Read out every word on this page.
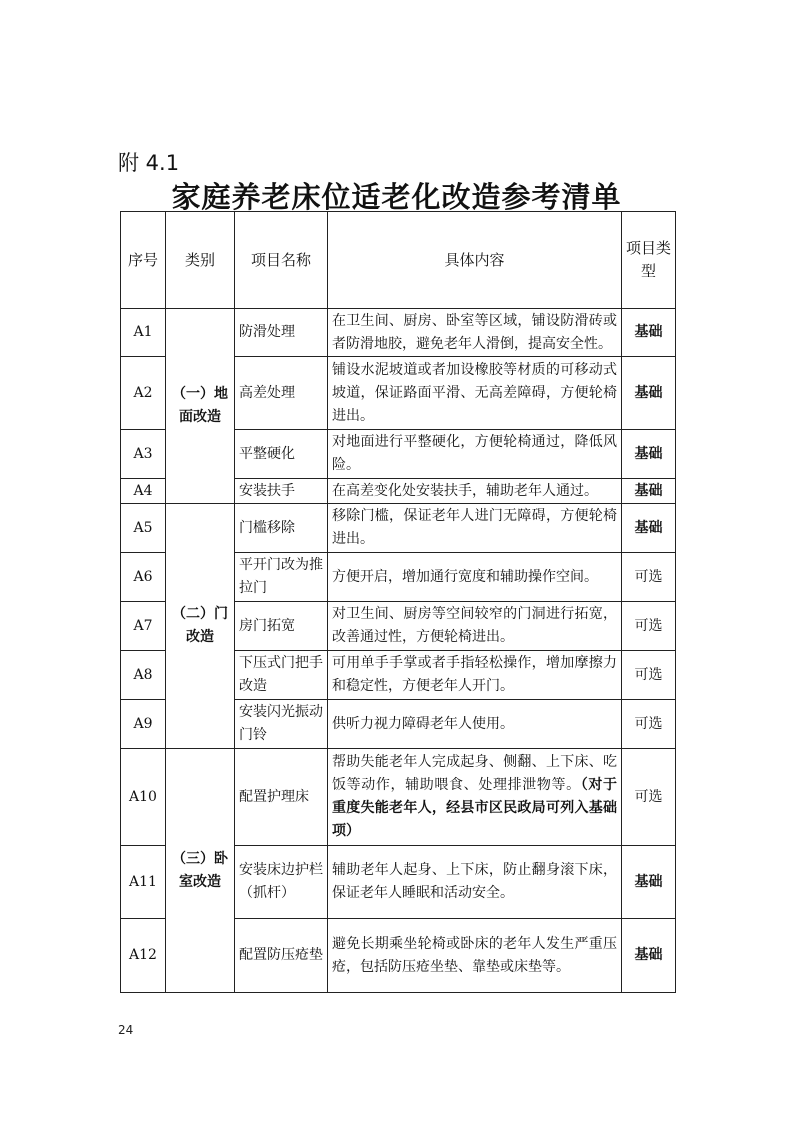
附 4.1
家庭养老床位适老化改造参考清单
序号	类别	项目名称	具体内容	项目类型
A1	（一）地面改造	防滑处理	在卫生间、厨房、卧室等区域，铺设防滑砖或者防滑地胶，避免老年人滑倒，提高安全性。	基础
A2		高差处理	铺设水泥坡道或者加设橡胶等材质的可移动式坡道，保证路面平滑、无高差障碍，方便轮椅进出。	基础
A3		平整硬化	对地面进行平整硬化，方便轮椅通过，降低风险。	基础
A4		安装扶手	在高差变化处安装扶手，辅助老年人通过。	基础
A5	（二）门改造	门槛移除	移除门槛，保证老年人进门无障碍，方便轮椅进出。	基础
A6		平开门改为推拉门	方便开启，增加通行宽度和辅助操作空间。	可选
A7		房门拓宽	对卫生间、厨房等空间较窄的门洞进行拓宽，改善通过性，方便轮椅进出。	可选
A8		下压式门把手改造	可用单手手掌或者手指轻松操作，增加摩擦力和稳定性，方便老年人开门。	可选
A9		安装闪光振动门铃	供听力视力障碍老年人使用。	可选
A10	（三）卧室改造	配置护理床	帮助失能老年人完成起身、侧翻、上下床、吃饭等动作，辅助喂食、处理排泄物等。（对于重度失能老年人，经县市区民政局可列入基础项）	可选
A11		安装床边护栏（抓杆）	辅助老年人起身、上下床，防止翻身滚下床，保证老年人睡眠和活动安全。	基础
A12		配置防压疮垫	避免长期乘坐轮椅或卧床的老年人发生严重压疮，包括防压疮坐垫、靠垫或床垫等。	基础
24
